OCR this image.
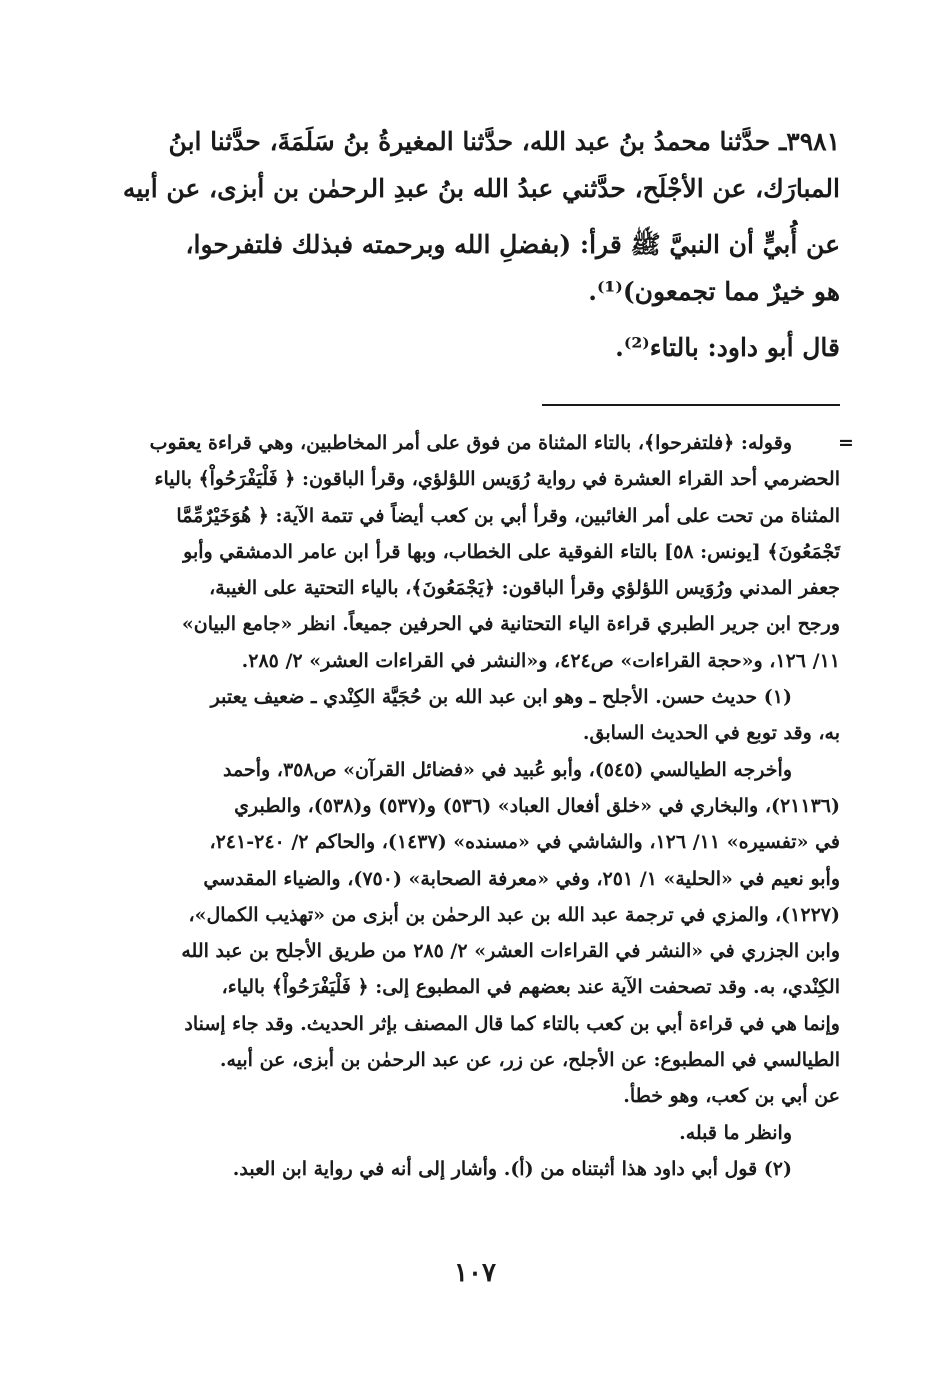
٣٩٨١ـ حدَّثنا محمدُ بنُ عبد الله، حدَّثنا المغيرةُ بنُ سَلَمَةَ، حدَّثنا ابنُ

المبارَك، عن الأجْلَح، حدَّثني عبدُ الله بنُ عبدِ الرحمٰن بن أبزى، عن أبيه

عن أُبيٍّ أن النبيَّ ﷺ قرأ: (بفضلِ الله وبرحمته فبذلك فلتفرحوا،

هو خيرٌ مما تجمعون)⁽¹⁾.

قال أبو داود: بالتاء⁽²⁾.

=

وقوله: ﴿فلتفرحوا﴾، بالتاء المثناة من فوق على أمر المخاطبين، وهي قراءة يعقوب

الحضرمي أحد القراء العشرة في رواية رُوَيس اللؤلؤي، وقرأ الباقون: ﴿ فَلْيَفْرَحُواْ﴾ بالياء

المثناة من تحت على أمر الغائبين، وقرأ أبي بن كعب أيضاً في تتمة الآية: ﴿ هُوَخَيْرٌمِّمَّا

تَجْمَعُونَ﴾ [يونس: ٥٨] بالتاء الفوقية على الخطاب، وبها قرأ ابن عامر الدمشقي وأبو

جعفر المدني ورُوَيس اللؤلؤي وقرأ الباقون: ﴿يَجْمَعُونَ﴾، بالياء التحتية على الغيبة،

ورجح ابن جرير الطبري قراءة الياء التحتانية في الحرفين جميعاً. انظر «جامع البيان»

١١/ ١٢٦، و«حجة القراءات» ص٤٢٤، و«النشر في القراءات العشر» ٢/ ٢٨٥.

(١) حديث حسن. الأجلح ـ وهو ابن عبد الله بن حُجَيَّة الكِنْدي ـ ضعيف يعتبر

به، وقد توبع في الحديث السابق.

وأخرجه الطيالسي (٥٤٥)، وأبو عُبيد في «فضائل القرآن» ص٣٥٨، وأحمد

(٢١١٣٦)، والبخاري في «خلق أفعال العباد» (٥٣٦) و(٥٣٧) و(٥٣٨)، والطبري

في «تفسيره» ١١/ ١٢٦، والشاشي في «مسنده» (١٤٣٧)، والحاكم ٢/ ٢٤٠-٢٤١،

وأبو نعيم في «الحلية» ١/ ٢٥١، وفي «معرفة الصحابة» (٧٥٠)، والضياء المقدسي

(١٢٢٧)، والمزي في ترجمة عبد الله بن عبد الرحمٰن بن أبزى من «تهذيب الكمال»،

وابن الجزري في «النشر في القراءات العشر» ٢/ ٢٨٥ من طريق الأجلح بن عبد الله

الكِنْدي، به. وقد تصحفت الآية عند بعضهم في المطبوع إلى: ﴿ فَلْيَفْرَحُواْ﴾ بالياء،

وإنما هي في قراءة أبي بن كعب بالتاء كما قال المصنف بإثر الحديث. وقد جاء إسناد

الطيالسي في المطبوع: عن الأجلح، عن زر، عن عبد الرحمٰن بن أبزى، عن أبيه.

عن أبي بن كعب، وهو خطأ.

وانظر ما قبله.

(٢) قول أبي داود هذا أثبتناه من (أ). وأشار إلى أنه في رواية ابن العبد.

١٠٧
